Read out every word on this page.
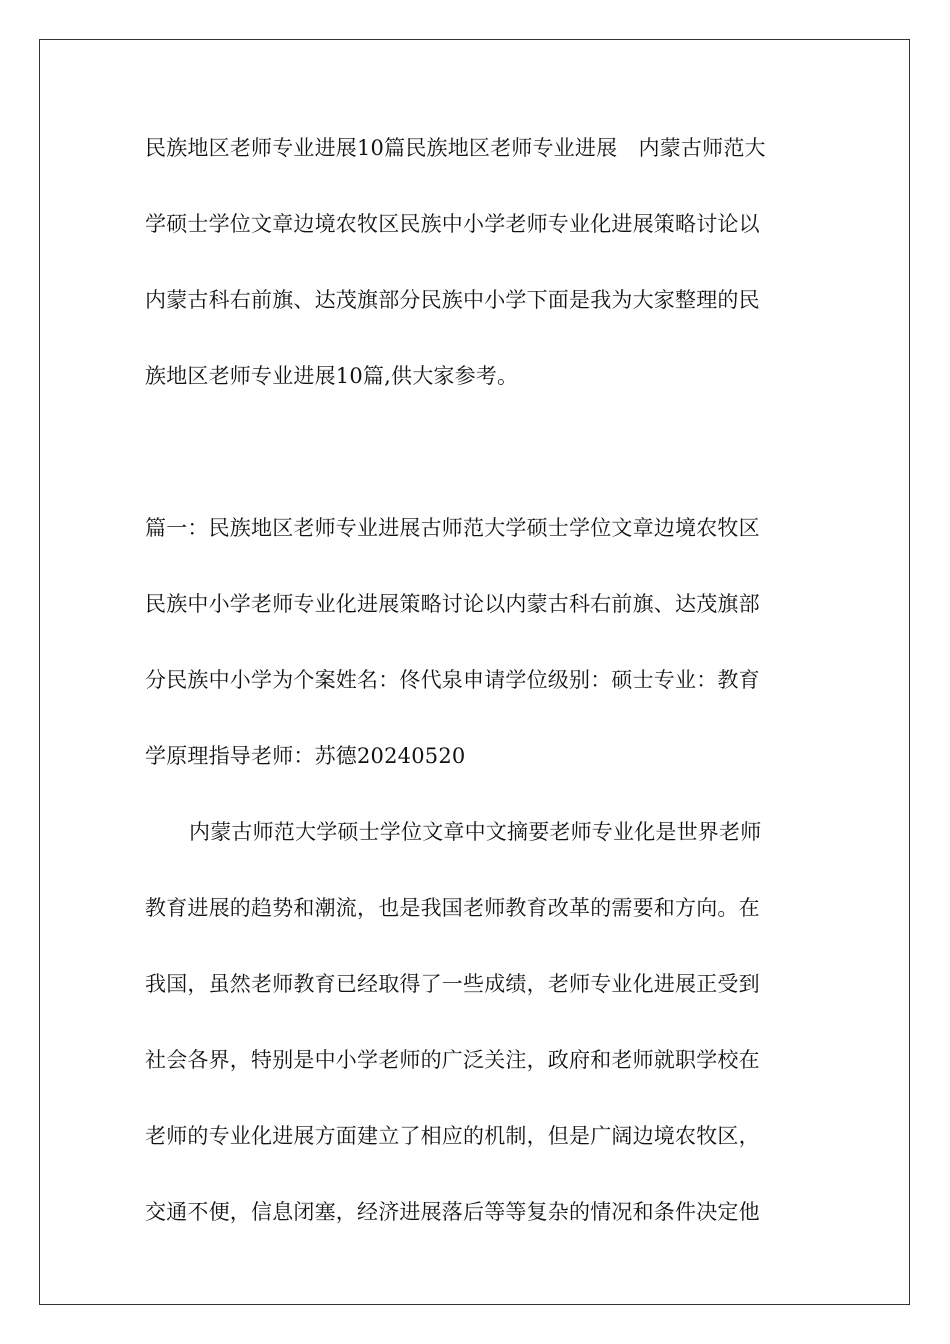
民族地区老师专业进展10篇民族地区老师专业进展　内蒙古师范大
学硕士学位文章边境农牧区民族中小学老师专业化进展策略讨论以
内蒙古科右前旗、达茂旗部分民族中小学下面是我为大家整理的民
族地区老师专业进展10篇,供大家参考。
篇一：民族地区老师专业进展古师范大学硕士学位文章边境农牧区
民族中小学老师专业化进展策略讨论以内蒙古科右前旗、达茂旗部
分民族中小学为个案姓名：佟代泉申请学位级别：硕士专业：教育
学原理指导老师：苏德20240520
内蒙古师范大学硕士学位文章中文摘要老师专业化是世界老师
教育进展的趋势和潮流，也是我国老师教育改革的需要和方向。在
我国，虽然老师教育已经取得了一些成绩，老师专业化进展正受到
社会各界，特别是中小学老师的广泛关注，政府和老师就职学校在
老师的专业化进展方面建立了相应的机制，但是广阔边境农牧区，
交通不便，信息闭塞，经济进展落后等等复杂的情况和条件决定他
